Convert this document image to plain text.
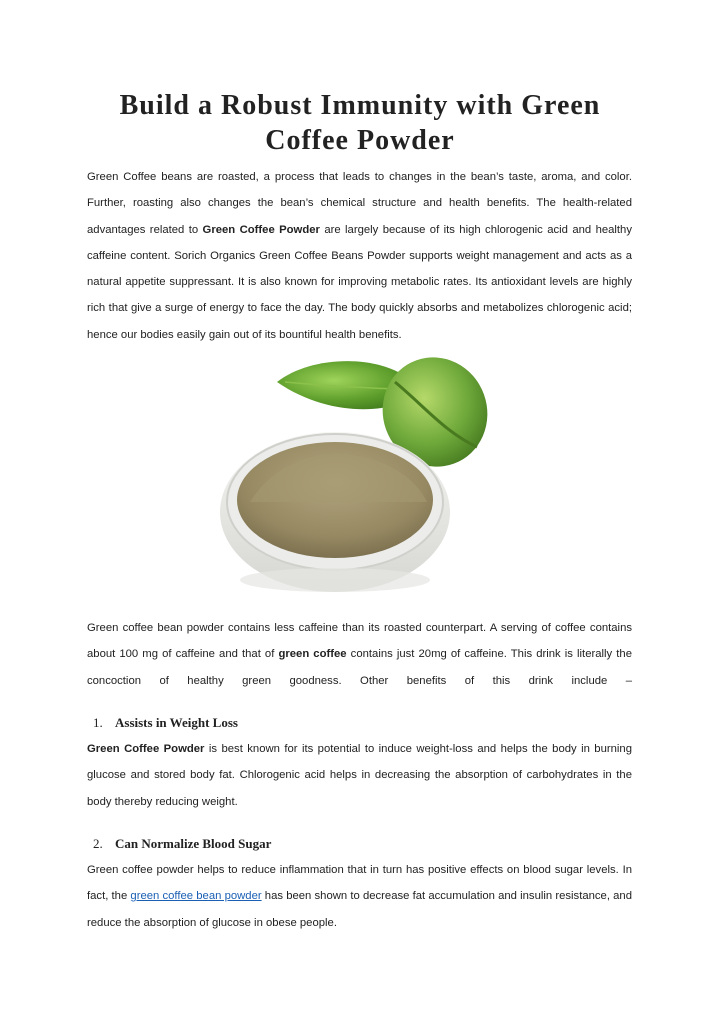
Build a Robust Immunity with Green Coffee Powder

Green Coffee beans are roasted, a process that leads to changes in the bean’s taste, aroma, and color. Further, roasting also changes the bean’s chemical structure and health benefits. The health-related advantages related to Green Coffee Powder are largely because of its high chlorogenic acid and healthy caffeine content. Sorich Organics Green Coffee Beans Powder supports weight management and acts as a natural appetite suppressant. It is also known for improving metabolic rates. Its antioxidant levels are highly rich that give a surge of energy to face the day. The body quickly absorbs and metabolizes chlorogenic acid; hence our bodies easily gain out of its bountiful health benefits.

Green coffee bean powder contains less caffeine than its roasted counterpart. A serving of coffee contains about 100 mg of caffeine and that of green coffee contains just 20mg of caffeine. This drink is literally the concoction of healthy green goodness. Other benefits of this drink include –

1. Assists in Weight Loss

Green Coffee Powder is best known for its potential to induce weight-loss and helps the body in burning glucose and stored body fat. Chlorogenic acid helps in decreasing the absorption of carbohydrates in the body thereby reducing weight.

2. Can Normalize Blood Sugar

Green coffee powder helps to reduce inflammation that in turn has positive effects on blood sugar levels. In fact, the green coffee bean powder has been shown to decrease fat accumulation and insulin resistance, and reduce the absorption of glucose in obese people.
